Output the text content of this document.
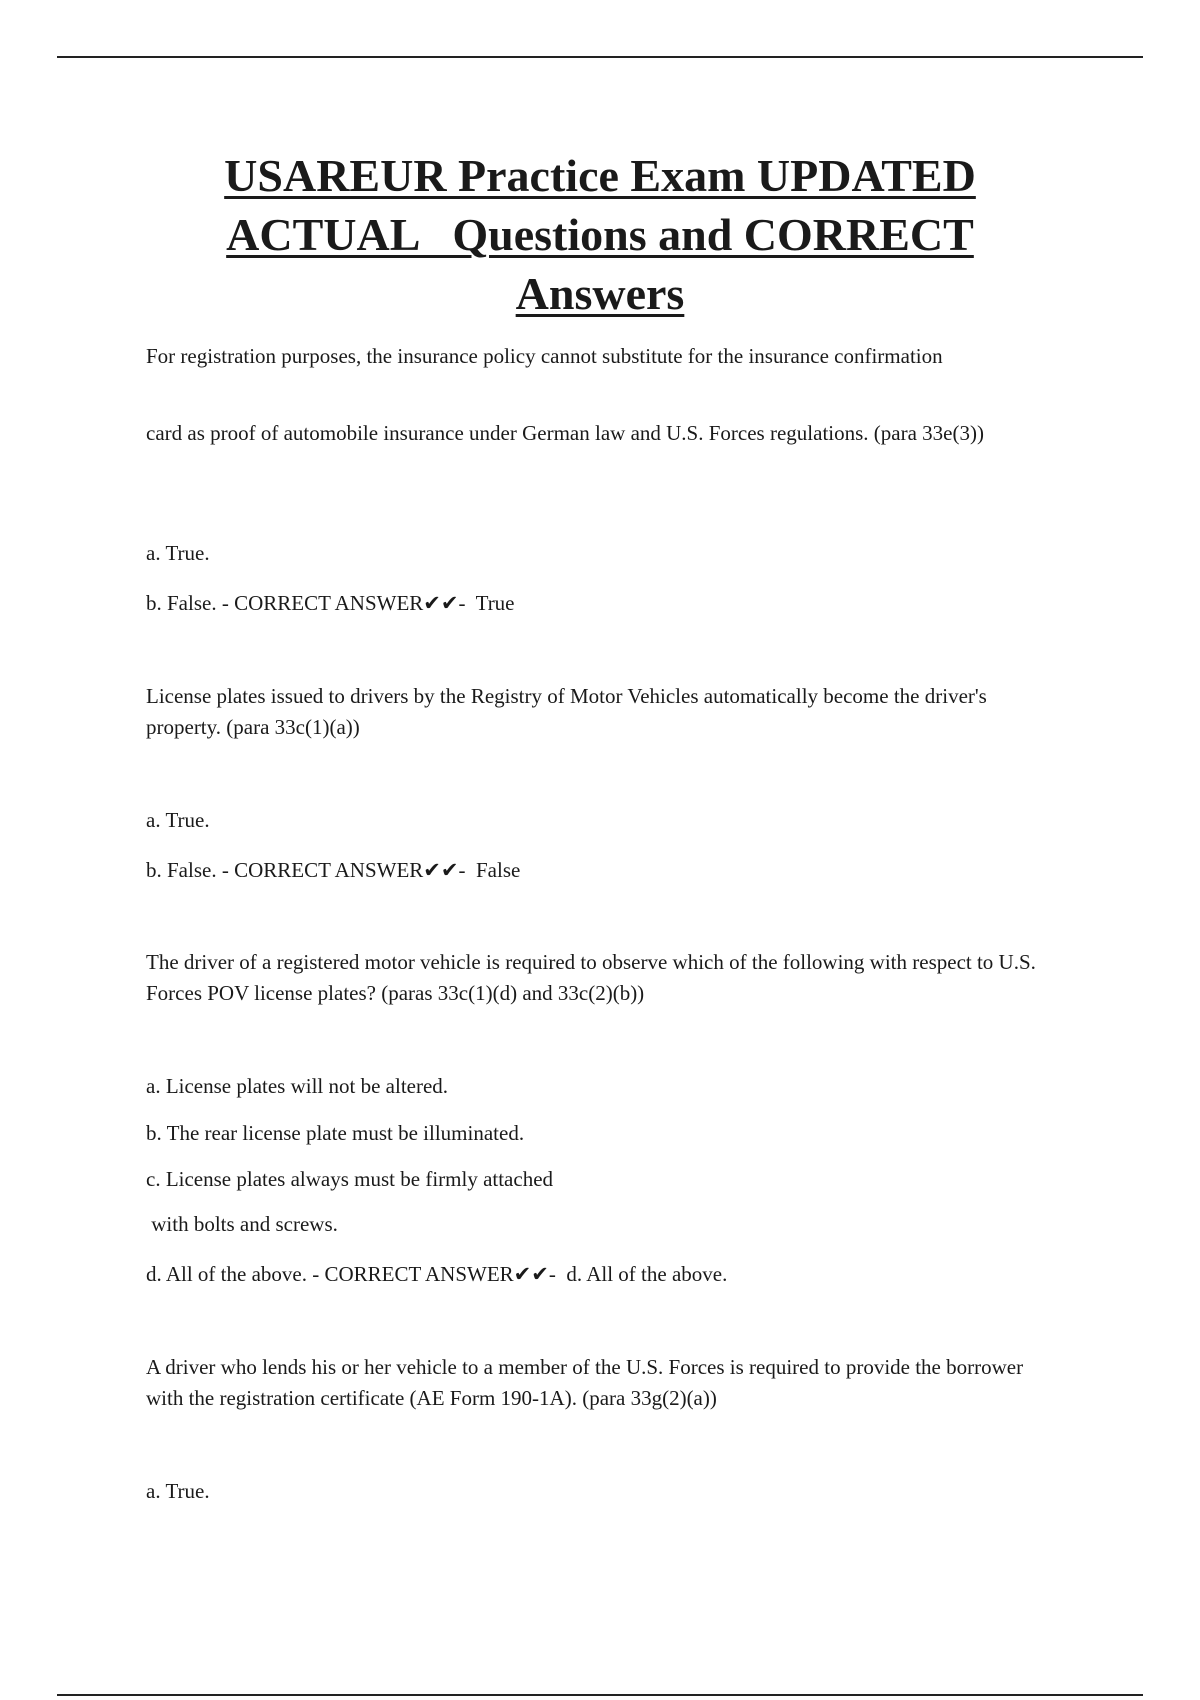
USAREUR Practice Exam UPDATED
ACTUAL   Questions and CORRECT
Answers

For registration purposes, the insurance policy cannot substitute for the insurance confirmation

card as proof of automobile insurance under German law and U.S. Forces regulations. (para 33e(3))

a. True.

b. False. - CORRECT ANSWER✔✔-  True

License plates issued to drivers by the Registry of Motor Vehicles automatically become the driver's property. (para 33c(1)(a))

a. True.

b. False. - CORRECT ANSWER✔✔-  False

The driver of a registered motor vehicle is required to observe which of the following with respect to U.S. Forces POV license plates? (paras 33c(1)(d) and 33c(2)(b))

a. License plates will not be altered.

b. The rear license plate must be illuminated.

c. License plates always must be firmly attached

with bolts and screws.

d. All of the above. - CORRECT ANSWER✔✔-  d. All of the above.

A driver who lends his or her vehicle to a member of the U.S. Forces is required to provide the borrower with the registration certificate (AE Form 190-1A). (para 33g(2)(a))

a. True.
